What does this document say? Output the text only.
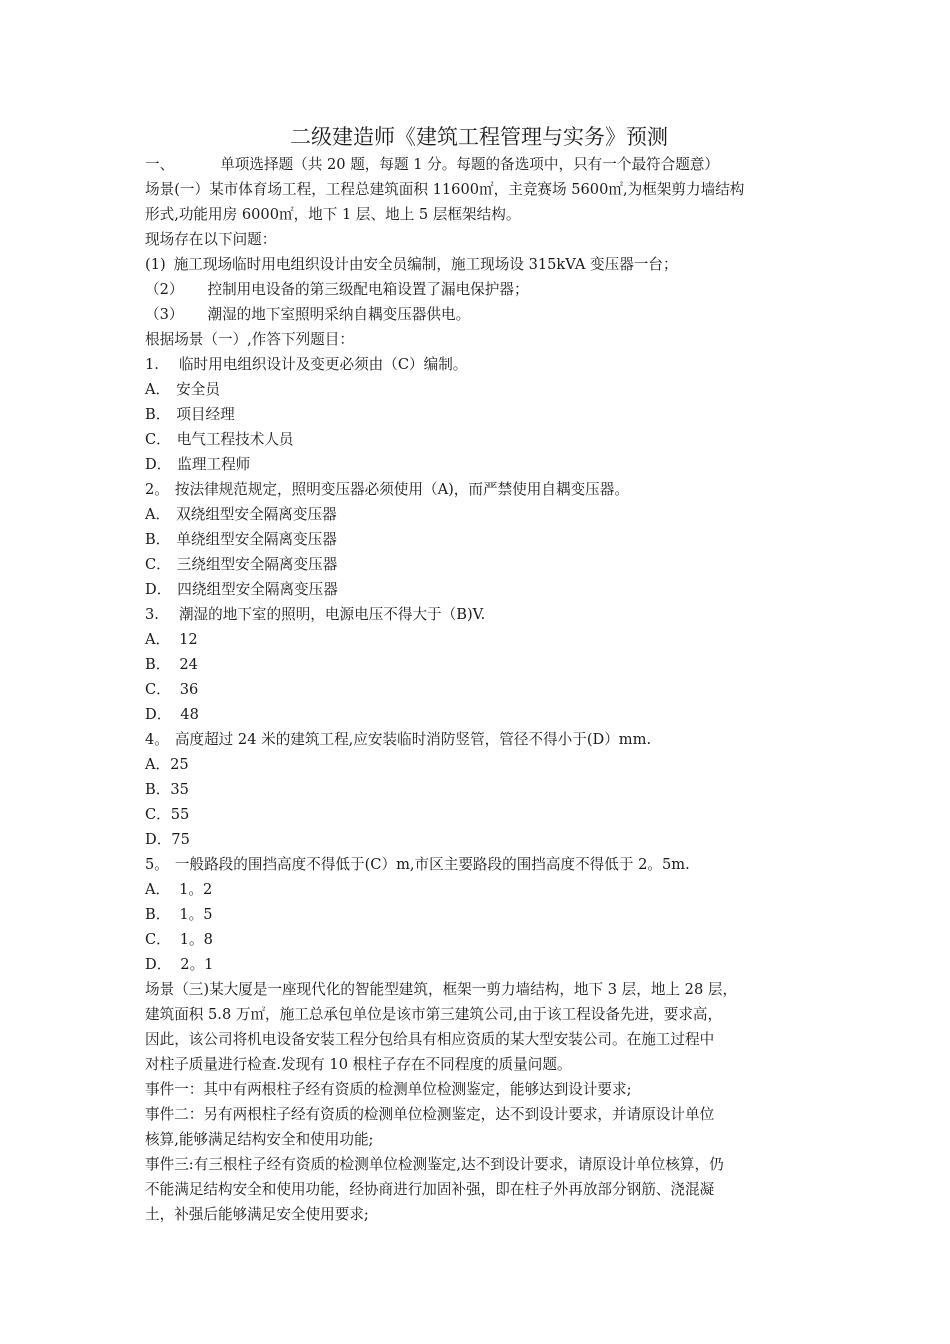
二级建造师《建筑工程管理与实务》预测
一、	单项选择题（共 20 题，每题 1 分。每题的备选项中，只有一个最符合题意）
场景(一）某市体育场工程，工程总建筑面积 11600㎡，主竞赛场 5600㎡,为框架剪力墙结构
形式,功能用房 6000㎡，地下 1 层、地上 5 层框架结构。
现场存在以下问题：
(1) 施工现场临时用电组织设计由安全员编制，施工现场设 315kVA 变压器一台；
（2） 控制用电设备的第三级配电箱设置了漏电保护器；
（3） 潮湿的地下室照明采纳自耦变压器供电。
根据场景（一）,作答下列题目：
1. 临时用电组织设计及变更必须由（C）编制。
A． 安全员
B． 项目经理
C． 电气工程技术人员
D． 监理工程师
2。 按法律规范规定，照明变压器必须使用（A)，而严禁使用自耦变压器。
A． 双绕组型安全隔离变压器
B． 单绕组型安全隔离变压器
C． 三绕组型安全隔离变压器
D． 四绕组型安全隔离变压器
3. 潮湿的地下室的照明，电源电压不得大于（B)V.
A． 12
B． 24
C． 36
D． 48
4。 高度超过 24 米的建筑工程,应安装临时消防竖管，管径不得小于(D）mm.
A．25
B．35
C．55
D．75
5。 一般路段的围挡高度不得低于(C）m,市区主要路段的围挡高度不得低于 2。5m.
A． 1。2
B． 1。5
C． 1。8
D． 2。1
场景（三)某大厦是一座现代化的智能型建筑，框架一剪力墙结构，地下 3 层，地上 28 层，
建筑面积 5.8 万㎡，施工总承包单位是该市第三建筑公司,由于该工程设备先进，要求高，
因此，该公司将机电设备安装工程分包给具有相应资质的某大型安装公司。在施工过程中
对柱子质量进行检查.发现有 10 根柱子存在不同程度的质量问题。
事件一：其中有两根柱子经有资质的检测单位检测鉴定，能够达到设计要求;
事件二：另有两根柱子经有资质的检测单位检测鉴定，达不到设计要求，并请原设计单位
核算,能够满足结构安全和使用功能;
事件三:有三根柱子经有资质的检测单位检测鉴定,达不到设计要求，请原设计单位核算，仍
不能满足结构安全和使用功能，经协商进行加固补强，即在柱子外再放部分钢筋、浇混凝
土，补强后能够满足安全使用要求;
